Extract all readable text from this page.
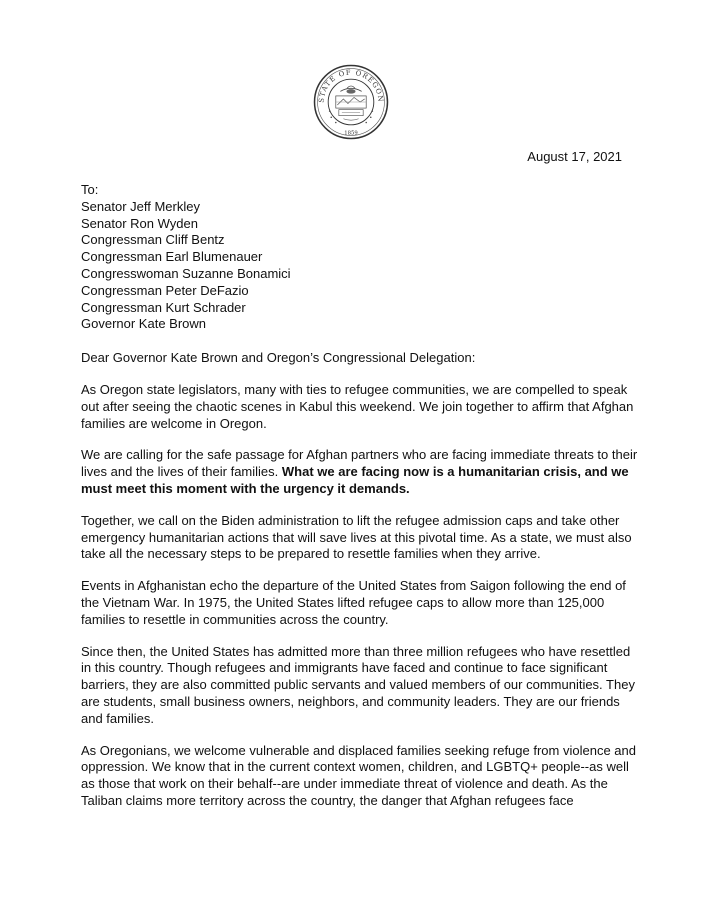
STATE OF OREGON
1859
August 17, 2021
To:
Senator Jeff Merkley
Senator Ron Wyden
Congressman Cliff Bentz
Congressman Earl Blumenauer
Congresswoman Suzanne Bonamici
Congressman Peter DeFazio
Congressman Kurt Schrader
Governor Kate Brown

Dear Governor Kate Brown and Oregon’s Congressional Delegation:

As Oregon state legislators, many with ties to refugee communities, we are compelled to speak out after seeing the chaotic scenes in Kabul this weekend. We join together to affirm that Afghan families are welcome in Oregon.

We are calling for the safe passage for Afghan partners who are facing immediate threats to their lives and the lives of their families. What we are facing now is a humanitarian crisis, and we must meet this moment with the urgency it demands.

Together, we call on the Biden administration to lift the refugee admission caps and take other emergency humanitarian actions that will save lives at this pivotal time. As a state, we must also take all the necessary steps to be prepared to resettle families when they arrive.

Events in Afghanistan echo the departure of the United States from Saigon following the end of the Vietnam War. In 1975, the United States lifted refugee caps to allow more than 125,000 families to resettle in communities across the country.

Since then, the United States has admitted more than three million refugees who have resettled in this country. Though refugees and immigrants have faced and continue to face significant barriers, they are also committed public servants and valued members of our communities. They are students, small business owners, neighbors, and community leaders. They are our friends and families.

As Oregonians, we welcome vulnerable and displaced families seeking refuge from violence and oppression. We know that in the current context women, children, and LGBTQ+ people--as well as those that work on their behalf--are under immediate threat of violence and death. As the Taliban claims more territory across the country, the danger that Afghan refugees face
